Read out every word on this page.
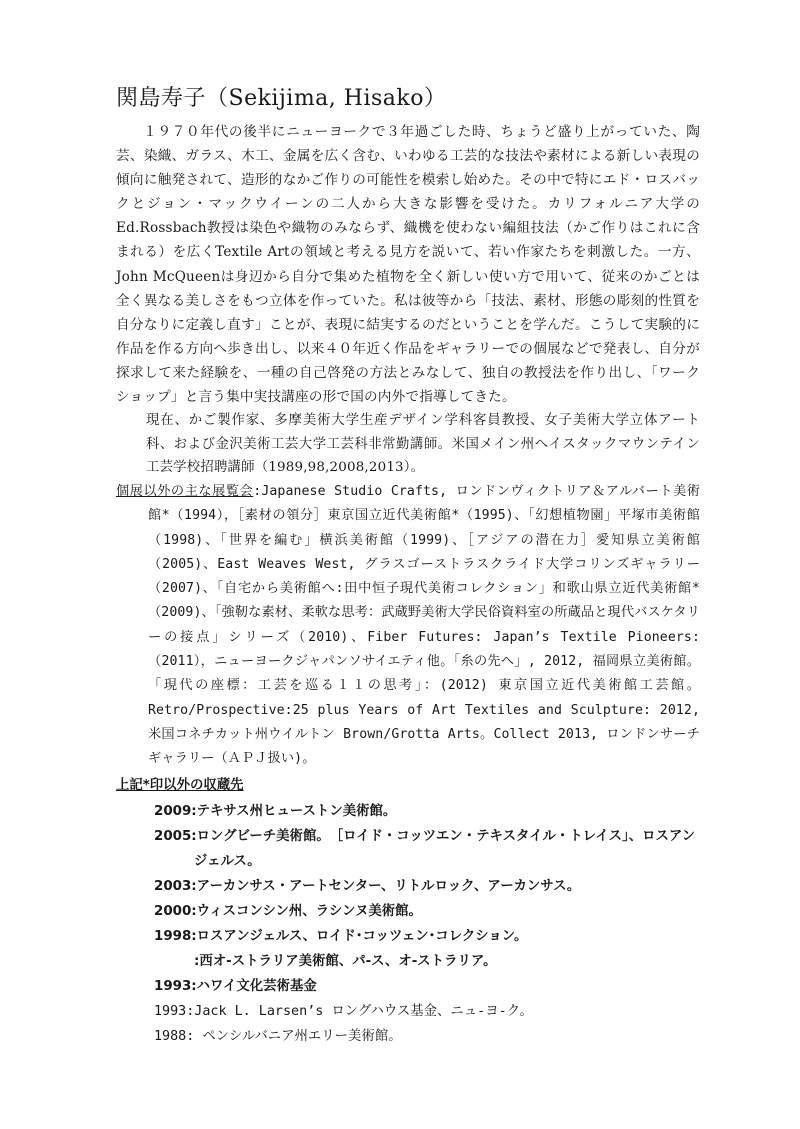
関島寿子（Sekijima, Hisako）

１９７０年代の後半にニューヨークで３年過ごした時、ちょうど盛り上がっていた、陶芸、染織、ガラス、木工、金属を広く含む、いわゆる工芸的な技法や素材による新しい表現の傾向に触発されて、造形的なかご作りの可能性を模索し始めた。その中で特にエド・ロスバックとジョン・マックウイーンの二人から大きな影響を受けた。カリフォルニア大学のEd.Rossbach教授は染色や織物のみならず、織機を使わない編組技法（かご作りはこれに含まれる）を広くTextile Artの領域と考える見方を説いて、若い作家たちを刺激した。一方、John McQueenは身辺から自分で集めた植物を全く新しい使い方で用いて、従来のかごとは全く異なる美しさをもつ立体を作っていた。私は彼等から「技法、素材、形態の彫刻的性質を自分なりに定義し直す」ことが、表現に結実するのだということを学んだ。こうして実験的に作品を作る方向へ歩き出し、以来４０年近く作品をギャラリーでの個展などで発表し、自分が探求して来た経験を、一種の自己啓発の方法とみなして、独自の教授法を作り出し、「ワークショップ」と言う集中実技講座の形で国の内外で指導してきた。

現在、かご製作家、多摩美術大学生産デザイン学科客員教授、女子美術大学立体アート科、および金沢美術工芸大学工芸科非常勤講師。米国メイン州へイスタックマウンテイン工芸学校招聘講師（1989,98,2008,2013）。

個展以外の主な展覧会:Japanese Studio Crafts, ロンドンヴィクトリア＆アルバート美術館*（1994），［素材の領分］東京国立近代美術館*（1995)、「幻想植物園」平塚市美術館（1998)、「世界を編む」横浜美術館（1999)、［アジアの潜在力］愛知県立美術館（2005)、East Weaves West, グラスゴーストラスクライド大学コリンズギャラリー（2007)、「自宅から美術館へ:田中恒子現代美術コレクション」和歌山県立近代美術館*（2009)、「強靭な素材、柔軟な思考：武蔵野美術大学民俗資料室の所蔵品と現代バスケタリーの接点」シリーズ（2010)、Fiber Futures: Japan’s Textile Pioneers:（2011），ニューヨークジャパンソサイエティ他。「糸の先へ」, 2012, 福岡県立美術館。「現代の座標：工芸を巡る１１の思考」：(2012) 東京国立近代美術館工芸館。Retro/Prospective:25 plus Years of Art Textiles and Sculpture: 2012, 米国コネチカット州ウイルトン Brown/Grotta Arts。Collect 2013, ロンドンサーチギャラリー（ＡＰＪ扱い)。

上記*印以外の収蔵先
2009:テキサス州ヒューストン美術館。
2005:ロングビーチ美術館。　［ロイド・コッツエン・テキスタイル・トレイス」、ロスアンジェルス。
2003:アーカンサス・アートセンター、リトルロック、アーカンサス。
2000:ウィスコンシン州、ラシンヌ美術館。
1998:ロスアンジェルス、ロイド･コッツェン･コレクション。
:西オ-ストラリア美術館、パ-ス、オ-ストラリア。
1993:ハワイ文化芸術基金
1993:Jack L. Larsen’s ロングハウス基金、ニュ-ヨ-ク。
1988: ペンシルバニア州エリー美術館。
